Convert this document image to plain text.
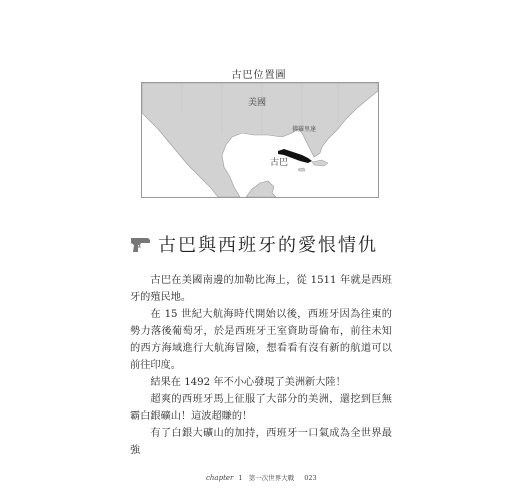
古巴位置圖
美國
佛羅里達
古巴
古巴與西班牙的愛恨情仇

古巴在美國南邊的加勒比海上，從 1511 年就是西班牙的殖民地。

在 15 世紀大航海時代開始以後，西班牙因為往東的勢力落後葡萄牙，於是西班牙王室資助哥倫布，前往未知的西方海域進行大航海冒險，想看看有沒有新的航道可以前往印度。

結果在 1492 年不小心發現了美洲新大陸！

超爽的西班牙馬上征服了大部分的美洲，還挖到巨無霸白銀礦山！這波超賺的！

有了白銀大礦山的加持，西班牙一口氣成為全世界最強

chapter 1 第一次世界大戰 023
